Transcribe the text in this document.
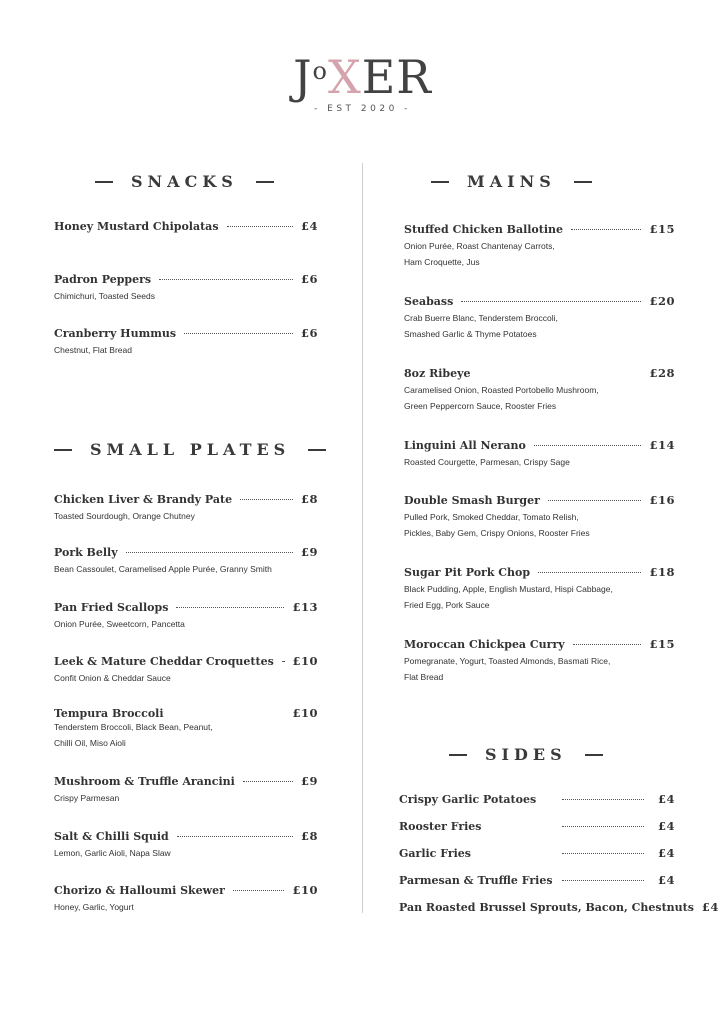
$J^oXER$
- EST 2020 -
SNACKS
Honey Mustard Chipolatas	£4
Padron Peppers	£6
Chimichuri, Toasted Seeds
Cranberry Hummus	£6
Chestnut, Flat Bread
SMALL PLATES
Chicken Liver & Brandy Pate	£8
Toasted Sourdough, Orange Chutney
Pork Belly	£9
Bean Cassoulet, Caramelised Apple Purée, Granny Smith
Pan Fried Scallops	£13
Onion Purée, Sweetcorn, Pancetta
Leek & Mature Cheddar Croquettes £10
Confit Onion & Cheddar Sauce
Tempura Broccoli	£10
Tenderstem Broccoli, Black Bean, Peanut,
Chilli Oil, Miso Aioli
Mushroom & Truffle Arancini	£9
Crispy Parmesan
Salt & Chilli Squid	£8
Lemon, Garlic Aioli, Napa Slaw
Chorizo & Halloumi Skewer	£10
Honey, Garlic, Yogurt
MAINS
Stuffed Chicken Ballotine	£15
Onion Purée, Roast Chantenay Carrots,
Ham Croquette, Jus
Seabass	£20
Crab Buerre Blanc, Tenderstem Broccoli,
Smashed Garlic & Thyme Potatoes
8oz Ribeye	£28
Caramelised Onion, Roasted Portobello Mushroom,
Green Peppercorn Sauce, Rooster Fries
Linguini All Nerano	£14
Roasted Courgette, Parmesan, Crispy Sage
Double Smash Burger	£16
Pulled Pork, Smoked Cheddar, Tomato Relish,
Pickles, Baby Gem, Crispy Onions, Rooster Fries
Sugar Pit Pork Chop	£18
Black Pudding, Apple, English Mustard, Hispi Cabbage,
Fried Egg, Pork Sauce
Moroccan Chickpea Curry	£15
Pomegranate, Yogurt, Toasted Almonds, Basmati Rice,
Flat Bread
SIDES
Crispy Garlic Potatoes	£4
Rooster Fries	£4
Garlic Fries	£4
Parmesan & Truffle Fries	£4
Pan Roasted Brussel Sprouts, Bacon, Chestnuts £4
